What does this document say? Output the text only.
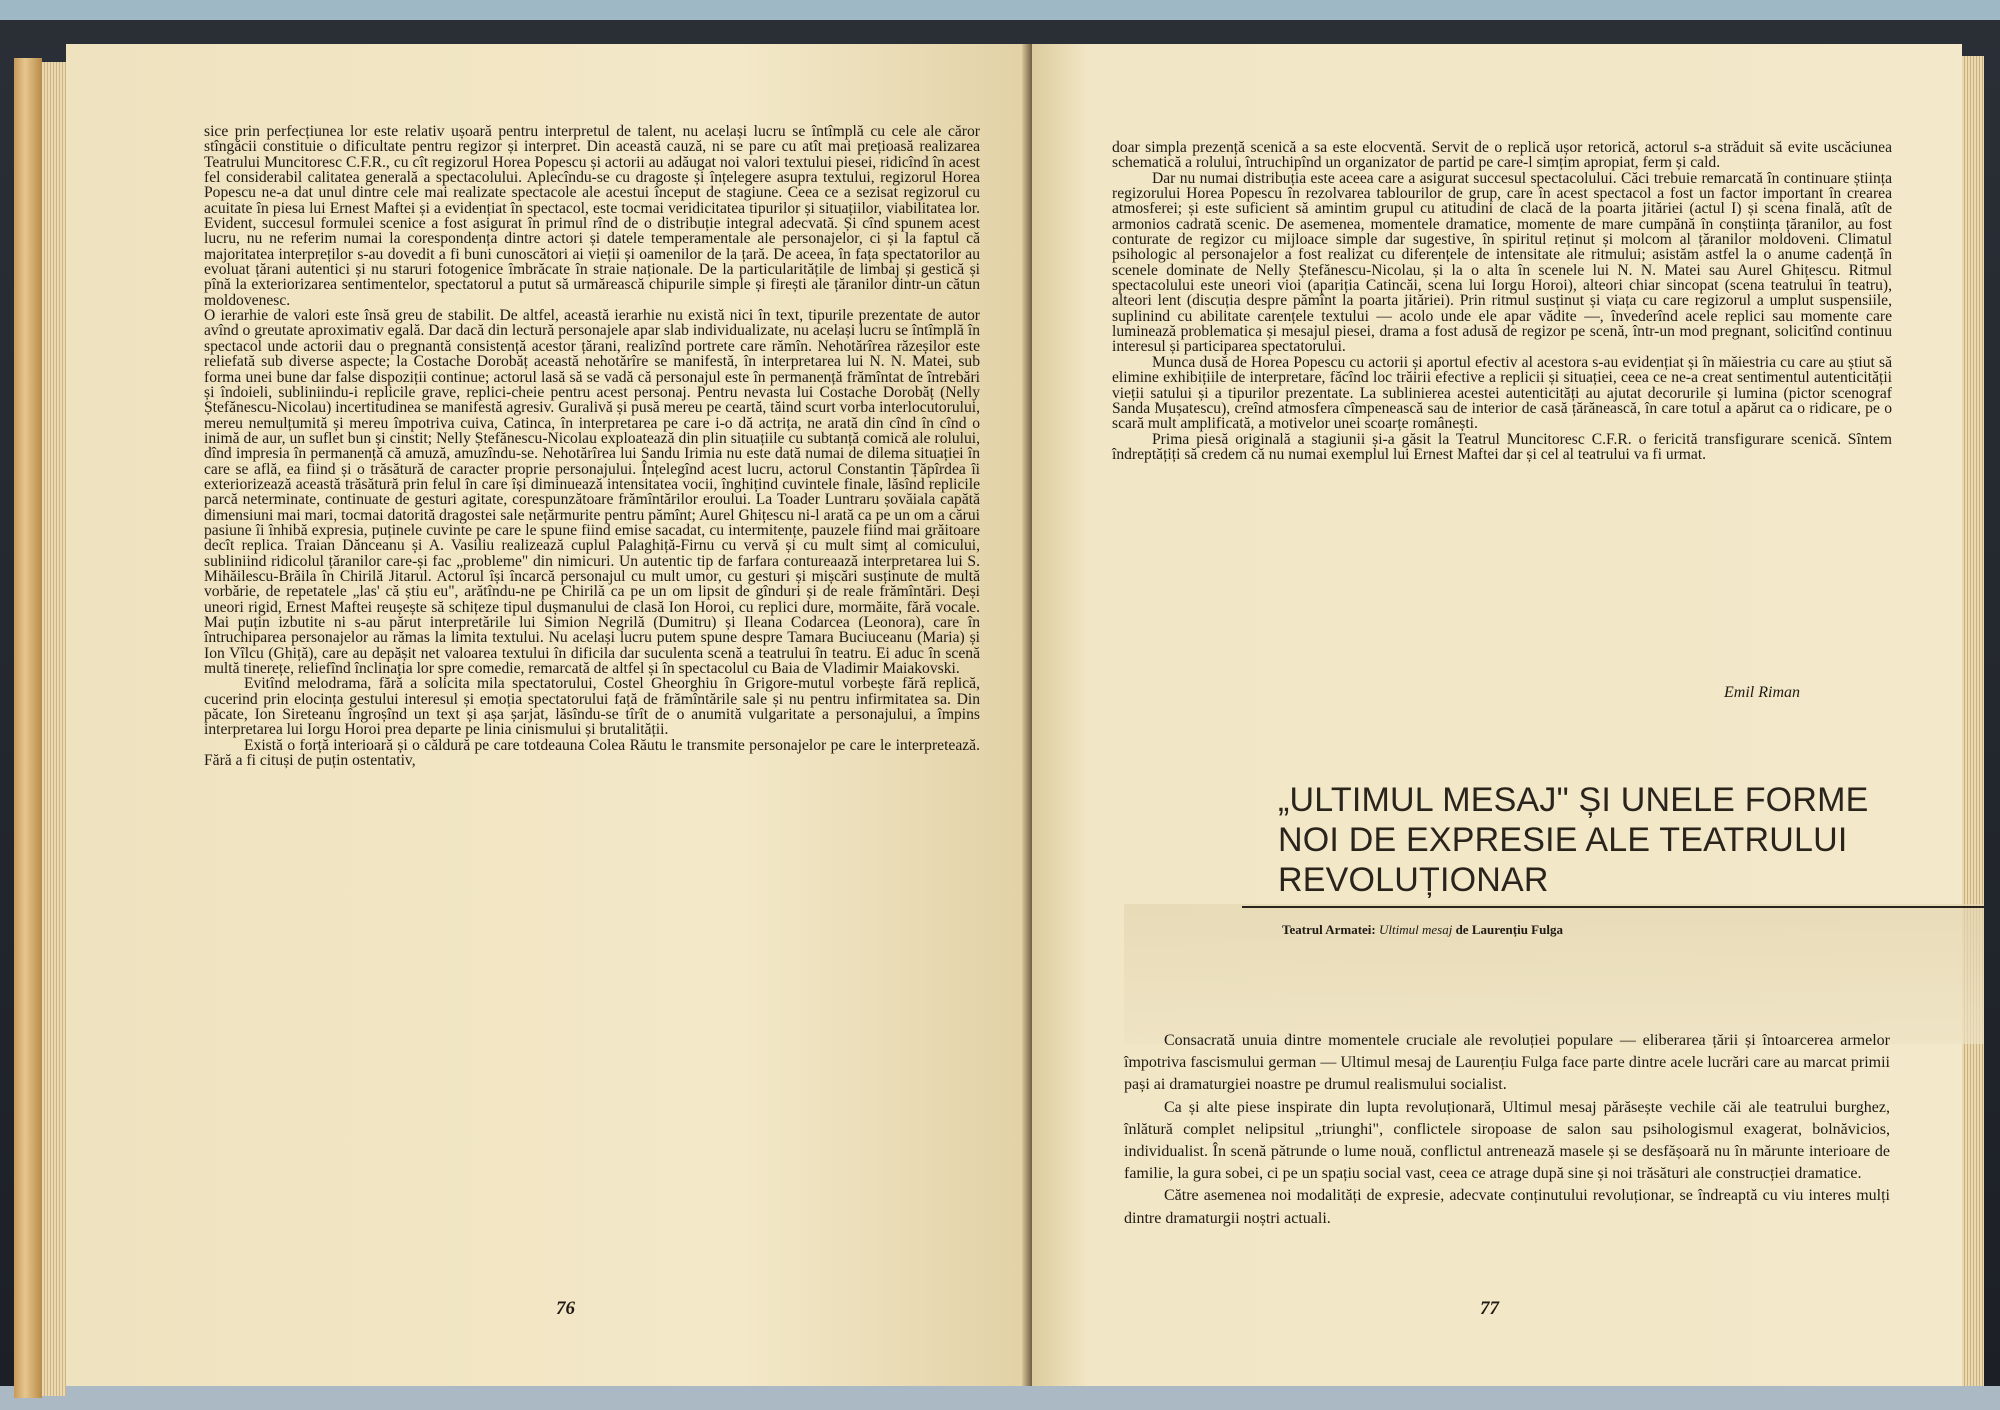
sice prin perfecțiunea lor este relativ ușoară pentru interpretul de talent, nu același lucru se întîmplă cu cele ale căror stîngăcii constituie o dificultate pentru regizor și interpret. Din această cauză, ni se pare cu atît mai prețioasă realizarea Teatrului Muncitoresc C.F.R., cu cît regizorul Horea Popescu și actorii au adăugat noi valori textului piesei, ridicînd în acest fel considerabil calitatea generală a spectacolului. Aplecîndu-se cu dragoste și înțelegere asupra textului, regizorul Horea Popescu ne-a dat unul dintre cele mai realizate spectacole ale acestui început de stagiune. Ceea ce a sezisat regizorul cu acuitate în piesa lui Ernest Maftei și a evidențiat în spectacol, este tocmai veridicitatea tipurilor și situațiilor, viabilitatea lor. Evident, succesul formulei scenice a fost asigurat în primul rînd de o distribuție integral adecvată. Și cînd spunem acest lucru, nu ne referim numai la corespondența dintre actori și datele temperamentale ale personajelor, ci și la faptul că majoritatea interpreților s-au dovedit a fi buni cunoscători ai vieții și oamenilor de la țară. De aceea, în fața spectatorilor au evoluat țărani autentici și nu staruri fotogenice îmbrăcate în straie naționale. De la particularitățile de limbaj și gestică și pînă la exteriorizarea sentimentelor, spectatorul a putut să urmărească chipurile simple și firești ale țăranilor dintr-un cătun moldovenesc.

O ierarhie de valori este însă greu de stabilit. De altfel, această ierarhie nu există nici în text, tipurile prezentate de autor avînd o greutate aproximativ egală. Dar dacă din lectură personajele apar slab individualizate, nu același lucru se întîmplă în spectacol unde actorii dau o pregnantă consistență acestor țărani, realizînd portrete care rămîn. Nehotărîrea răzeșilor este reliefată sub diverse aspecte; la Costache Dorobăț această nehotărîre se manifestă, în interpretarea lui N. N. Matei, sub forma unei bune dar false dispoziții continue; actorul lasă să se vadă că personajul este în permanență frămîntat de întrebări și îndoieli, subliniindu-i replicile grave, replici-cheie pentru acest personaj. Pentru nevasta lui Costache Dorobăț (Nelly Ștefănescu-Nicolau) incertitudinea se manifestă agresiv. Guralivă și pusă mereu pe ceartă, tăind scurt vorba interlocutorului, mereu nemulțumită și mereu împotriva cuiva, Catinca, în interpretarea pe care i-o dă actrița, ne arată din cînd în cînd o inimă de aur, un suflet bun și cinstit; Nelly Ștefănescu-Nicolau exploatează din plin situațiile cu subtanță comică ale rolului, dînd impresia în permanență că amuză, amuzîndu-se. Nehotărîrea lui Sandu Irimia nu este dată numai de dilema situației în care se află, ea fiind și o trăsătură de caracter proprie personajului. Înțelegînd acest lucru, actorul Constantin Țăpîrdea îi exteriorizează această trăsătură prin felul în care își diminuează intensitatea vocii, înghițind cuvintele finale, lăsînd replicile parcă neterminate, continuate de gesturi agitate, corespunzătoare frămîntărilor eroului. La Toader Luntraru șovăiala capătă dimensiuni mai mari, tocmai datorită dragostei sale nețărmurite pentru pămînt; Aurel Ghițescu ni-l arată ca pe un om a cărui pasiune îi înhibă expresia, puținele cuvinte pe care le spune fiind emise sacadat, cu intermitențe, pauzele fiind mai grăitoare decît replica. Traian Dănceanu și A. Vasiliu realizează cuplul Palaghiță-Firnu cu vervă și cu mult simț al comicului, subliniind ridicolul țăranilor care-și fac „probleme" din nimicuri. Un autentic tip de farfara contureaază interpretarea lui S. Mihăilescu-Brăila în Chirilă Jitarul. Actorul își încarcă personajul cu mult umor, cu gesturi și mișcări susținute de multă vorbărie, de repetatele „las' că știu eu", arătîndu-ne pe Chirilă ca pe un om lipsit de gînduri și de reale frămîntări. Deși uneori rigid, Ernest Maftei reușește să schițeze tipul dușmanului de clasă Ion Horoi, cu replici dure, mormăite, fără vocale. Mai puțin izbutite ni s-au părut interpretările lui Simion Negrilă (Dumitru) și Ileana Codarcea (Leonora), care în întruchiparea personajelor au rămas la limita textului. Nu același lucru putem spune despre Tamara Buciuceanu (Maria) și Ion Vîlcu (Ghiță), care au depășit net valoarea textului în dificila dar suculenta scenă a teatrului în teatru. Ei aduc în scenă multă tinerețe, reliefînd înclinația lor spre comedie, remarcată de altfel și în spectacolul cu Baia de Vladimir Maiakovski.

Evitînd melodrama, fără a solicita mila spectatorului, Costel Gheorghiu în Grigore-mutul vorbește fără replică, cucerind prin elocința gestului interesul și emoția spectatorului față de frămîntările sale și nu pentru infirmitatea sa. Din păcate, Ion Sireteanu îngroșînd un text și așa șarjat, lăsîndu-se tîrît de o anumită vulgaritate a personajului, a împins interpretarea lui Iorgu Horoi prea departe pe linia cinismului și brutalității.

Există o forță interioară și o căldură pe care totdeauna Colea Răutu le transmite personajelor pe care le interpretează. Fără a fi cituși de puțin ostentativ,

76

doar simpla prezență scenică a sa este elocventă. Servit de o replică ușor retorică, actorul s-a străduit să evite uscăciunea schematică a rolului, întruchipînd un organizator de partid pe care-l simțim apropiat, ferm și cald.

Dar nu numai distribuția este aceea care a asigurat succesul spectacolului. Căci trebuie remarcată în continuare știința regizorului Horea Popescu în rezolvarea tablourilor de grup, care în acest spectacol a fost un factor important în crearea atmosferei; și este suficient să amintim grupul cu atitudini de clacă de la poarta jităriei (actul I) și scena finală, atît de armonios cadrată scenic. De asemenea, momentele dramatice, momente de mare cumpănă în conștiința țăranilor, au fost conturate de regizor cu mijloace simple dar sugestive, în spiritul reținut și molcom al țăranilor moldoveni. Climatul psihologic al personajelor a fost realizat cu diferențele de intensitate ale ritmului; asistăm astfel la o anume cadență în scenele dominate de Nelly Ștefănescu-Nicolau, și la o alta în scenele lui N. N. Matei sau Aurel Ghițescu. Ritmul spectacolului este uneori vioi (apariția Catincăi, scena lui Iorgu Horoi), alteori chiar sincopat (scena teatrului în teatru), alteori lent (discuția despre pămînt la poarta jităriei). Prin ritmul susținut și viața cu care regizorul a umplut suspensiile, suplinind cu abilitate carențele textului — acolo unde ele apar vădite —, învederînd acele replici sau momente care luminează problematica și mesajul piesei, drama a fost adusă de regizor pe scenă, într-un mod pregnant, solicitînd continuu interesul și participarea spectatorului.

Munca dusă de Horea Popescu cu actorii și aportul efectiv al acestora s-au evidențiat și în măiestria cu care au știut să elimine exhibițiile de interpretare, făcînd loc trăirii efective a replicii și situației, ceea ce ne-a creat sentimentul autenticității vieții satului și a tipurilor prezentate. La sublinierea acestei autenticități au ajutat decorurile și lumina (pictor scenograf Sanda Mușatescu), creînd atmosfera cîmpenească sau de interior de casă țărănească, în care totul a apărut ca o ridicare, pe o scară mult amplificată, a motivelor unei scoarțe românești.

Prima piesă originală a stagiunii și-a găsit la Teatrul Muncitoresc C.F.R. o fericită transfigurare scenică. Sîntem îndreptățiți să credem că nu numai exemplul lui Ernest Maftei dar și cel al teatrului va fi urmat.

Emil Riman
„ULTIMUL MESAJ" ȘI UNELE FORME NOI DE EXPRESIE ALE TEATRULUI REVOLUȚIONAR
Teatrul Armatei: Ultimul mesaj de Laurențiu Fulga

Consacrată unuia dintre momentele cruciale ale revoluției populare — eliberarea țării și întoarcerea armelor împotriva fascismului german — Ultimul mesaj de Laurențiu Fulga face parte dintre acele lucrări care au marcat primii pași ai dramaturgiei noastre pe drumul realismului socialist.

Ca și alte piese inspirate din lupta revoluționară, Ultimul mesaj părăsește vechile căi ale teatrului burghez, înlătură complet nelipsitul „triunghi", conflictele siropoase de salon sau psihologismul exagerat, bolnăvicios, individualist. În scenă pătrunde o lume nouă, conflictul antrenează masele și se desfășoară nu în mărunte interioare de familie, la gura sobei, ci pe un spațiu social vast, ceea ce atrage după sine și noi trăsături ale construcției dramatice.

Către asemenea noi modalități de expresie, adecvate conținutului revoluționar, se îndreaptă cu viu interes mulți dintre dramaturgii noștri actuali.

77
